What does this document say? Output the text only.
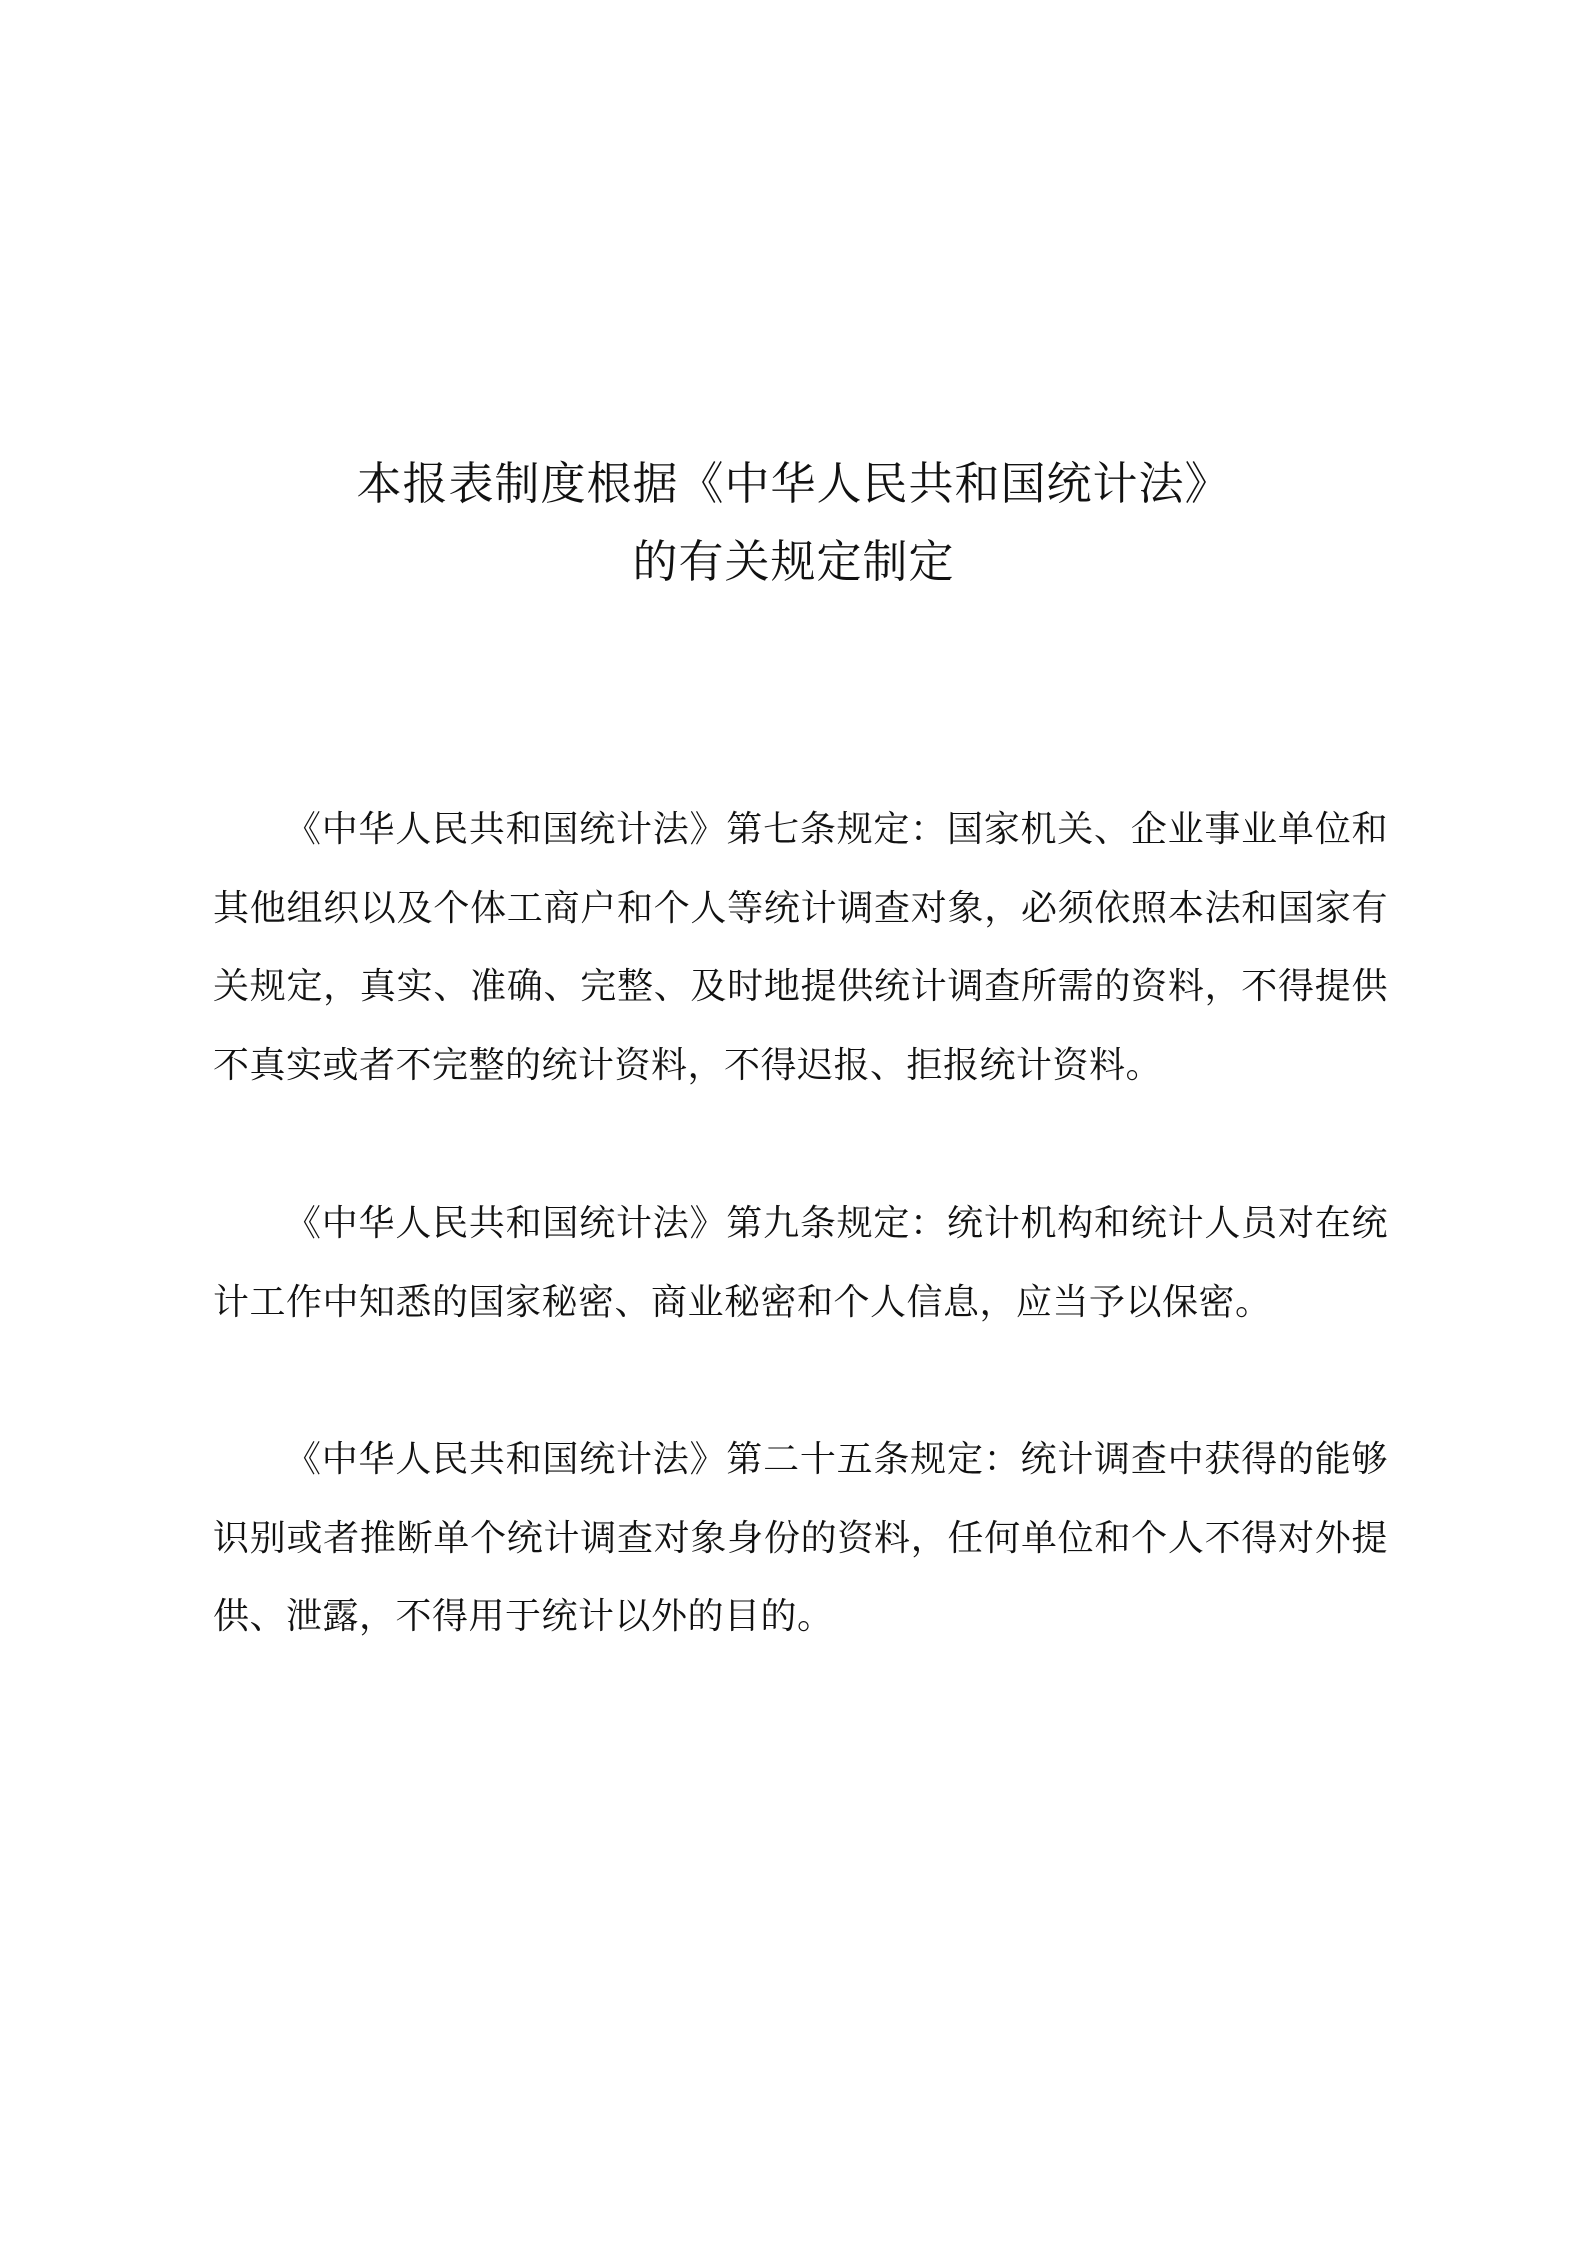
本报表制度根据《中华人民共和国统计法》
的有关规定制定

《中华人民共和国统计法》第七条规定：国家机关、企业事业单位和其他组织以及个体工商户和个人等统计调查对象，必须依照本法和国家有关规定，真实、准确、完整、及时地提供统计调查所需的资料，不得提供不真实或者不完整的统计资料，不得迟报、拒报统计资料。

《中华人民共和国统计法》第九条规定：统计机构和统计人员对在统计工作中知悉的国家秘密、商业秘密和个人信息，应当予以保密。

《中华人民共和国统计法》第二十五条规定：统计调查中获得的能够识别或者推断单个统计调查对象身份的资料，任何单位和个人不得对外提供、泄露，不得用于统计以外的目的。
